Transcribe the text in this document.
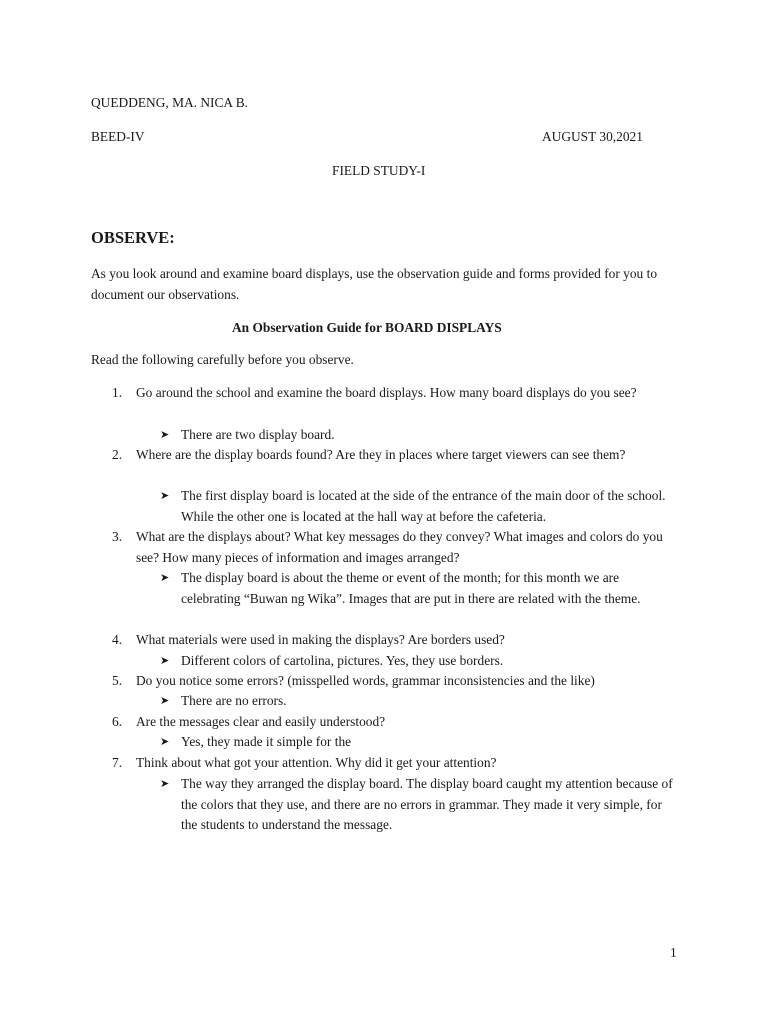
QUEDDENG, MA. NICA B.
BEED-IV	AUGUST 30,2021
FIELD STUDY-I
OBSERVE:
As you look around and examine board displays, use the observation guide and forms provided for you to document our observations.
An Observation Guide for BOARD DISPLAYS
Read the following carefully before you observe.
1. Go around the school and examine the board displays. How many board displays do you see?
➤ There are two display board.
2. Where are the display boards found? Are they in places where target viewers can see them?
➤ The first display board is located at the side of the entrance of the main door of the school. While the other one is located at the hall way at before the cafeteria.
3. What are the displays about? What key messages do they convey? What images and colors do you see? How many pieces of information and images arranged?
➤ The display board is about the theme or event of the month; for this month we are celebrating “Buwan ng Wika”. Images that are put in there are related with the theme.
4. What materials were used in making the displays? Are borders used?
➤ Different colors of cartolina, pictures. Yes, they use borders.
5. Do you notice some errors? (misspelled words, grammar inconsistencies and the like)
➤ There are no errors.
6. Are the messages clear and easily understood?
➤ Yes, they made it simple for the
7. Think about what got your attention. Why did it get your attention?
➤ The way they arranged the display board. The display board caught my attention because of the colors that they use, and there are no errors in grammar. They made it very simple, for the students to understand the message.
1
